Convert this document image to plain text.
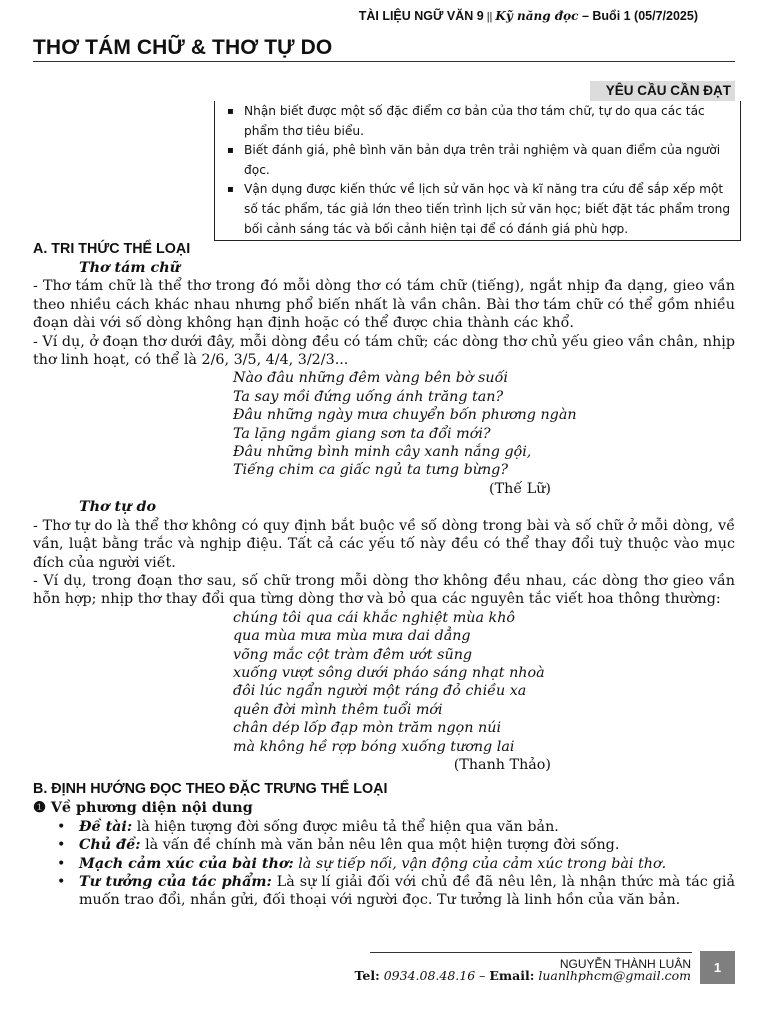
TÀI LIỆU NGỮ VĂN 9 || Kỹ năng đọc – Buổi 1 (05/7/2025)
THƠ TÁM CHỮ & THƠ TỰ DO
YÊU CẦU CẦN ĐẠT
▪ Nhận biết được một số đặc điểm cơ bản của thơ tám chữ, tự do qua các tác phẩm thơ tiêu biểu.
▪ Biết đánh giá, phê bình văn bản dựa trên trải nghiệm và quan điểm của người đọc.
▪ Vận dụng được kiến thức về lịch sử văn học và kĩ năng tra cứu để sắp xếp một số tác phẩm, tác giả lớn theo tiến trình lịch sử văn học; biết đặt tác phẩm trong bối cảnh sáng tác và bối cảnh hiện tại để có đánh giá phù hợp.
A. TRI THỨC THỂ LOẠI

Thơ tám chữ

- Thơ tám chữ là thể thơ trong đó mỗi dòng thơ có tám chữ (tiếng), ngắt nhịp đa dạng, gieo vần theo nhiều cách khác nhau nhưng phổ biến nhất là vần chân. Bài thơ tám chữ có thể gồm nhiều đoạn dài với số dòng không hạn định hoặc có thể được chia thành các khổ.

- Ví dụ, ở đoạn thơ dưới đây, mỗi dòng đều có tám chữ; các dòng thơ chủ yếu gieo vần chân, nhịp thơ linh hoạt, có thể là 2/6, 3/5, 4/4, 3/2/3...

Nào đâu những đêm vàng bên bờ suối
Ta say mồi đứng uống ánh trăng tan?
Đâu những ngày mưa chuyển bốn phương ngàn
Ta lặng ngắm giang sơn ta đổi mới?
Đâu những bình minh cây xanh nắng gội,
Tiếng chim ca giấc ngủ ta tưng bừng?

(Thế Lữ)

Thơ tự do

- Thơ tự do là thể thơ không có quy định bắt buộc về số dòng trong bài và số chữ ở mỗi dòng, về vần, luật bằng trắc và nghịp điệu. Tất cả các yếu tố này đều có thể thay đổi tuỳ thuộc vào mục đích của người viết.

- Ví dụ, trong đoạn thơ sau, số chữ trong mỗi dòng thơ không đều nhau, các dòng thơ gieo vần hỗn hợp; nhịp thơ thay đổi qua từng dòng thơ và bỏ qua các nguyên tắc viết hoa thông thường:

chúng tôi qua cái khắc nghiệt mùa khô
qua mùa mưa mùa mưa dai dẳng
võng mắc cột tràm đêm ướt sũng
xuống vượt sông dưới pháo sáng nhạt nhoà
đôi lúc ngẩn người một ráng đỏ chiều xa
quên đời mình thêm tuổi mới
chân dép lốp đạp mòn trăm ngọn núi
mà không hề rợp bóng xuống tương lai

(Thanh Thảo)

B. ĐỊNH HƯỚNG ĐỌC THEO ĐẶC TRƯNG THỂ LOẠI

❶ Về phương diện nội dung

• Đề tài: là hiện tượng đời sống được miêu tả thể hiện qua văn bản.
• Chủ đề: là vấn đề chính mà văn bản nêu lên qua một hiện tượng đời sống.
• Mạch cảm xúc của bài thơ: là sự tiếp nối, vận động của cảm xúc trong bài thơ.
• Tư tưởng của tác phẩm: Là sự lí giải đối với chủ đề đã nêu lên, là nhận thức mà tác giả muốn trao đổi, nhắn gửi, đối thoại với người đọc. Tư tưởng là linh hồn của văn bản.
NGUYỄN THÀNH LUÂN
Tel: 0934.08.48.16 – Email: luanlhphcm@gmail.com
1
